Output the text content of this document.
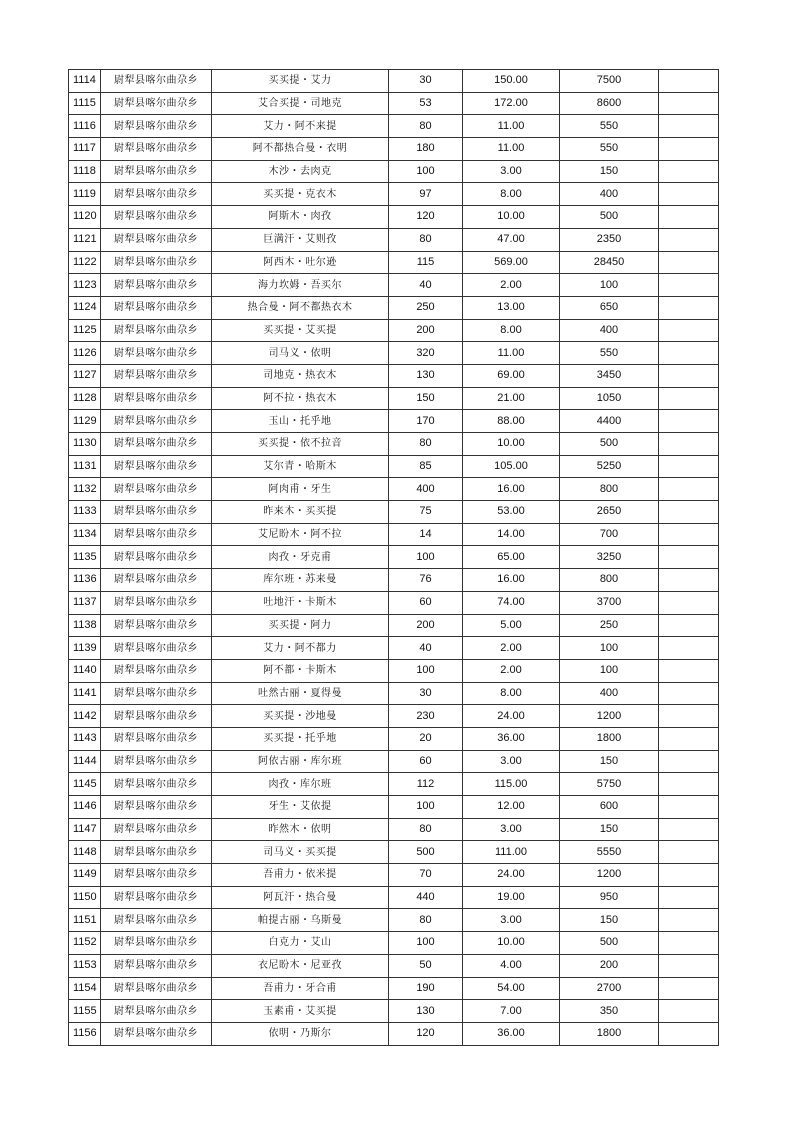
1114	尉犁县喀尔曲尕乡	买买提・艾力	30	150.00	7500	
1115	尉犁县喀尔曲尕乡	艾合买提・司地克	53	172.00	8600	
1116	尉犁县喀尔曲尕乡	艾力・阿不来提	80	11.00	550	
1117	尉犁县喀尔曲尕乡	阿不都热合曼・衣明	180	11.00	550	
1118	尉犁县喀尔曲尕乡	木沙・去肉克	100	3.00	150	
1119	尉犁县喀尔曲尕乡	买买提・克衣木	97	8.00	400	
1120	尉犁县喀尔曲尕乡	阿斯木・肉孜	120	10.00	500	
1121	尉犁县喀尔曲尕乡	巨满汗・艾则孜	80	47.00	2350	
1122	尉犁县喀尔曲尕乡	阿西木・吐尔逊	115	569.00	28450	
1123	尉犁县喀尔曲尕乡	海力坎姆・吾买尔	40	2.00	100	
1124	尉犁县喀尔曲尕乡	热合曼・阿不都热衣木	250	13.00	650	
1125	尉犁县喀尔曲尕乡	买买提・艾买提	200	8.00	400	
1126	尉犁县喀尔曲尕乡	司马义・依明	320	11.00	550	
1127	尉犁县喀尔曲尕乡	司地克・热衣木	130	69.00	3450	
1128	尉犁县喀尔曲尕乡	阿不拉・热衣木	150	21.00	1050	
1129	尉犁县喀尔曲尕乡	玉山・托乎地	170	88.00	4400	
1130	尉犁县喀尔曲尕乡	买买提・依不拉音	80	10.00	500	
1131	尉犁县喀尔曲尕乡	艾尔青・哈斯木	85	105.00	5250	
1132	尉犁县喀尔曲尕乡	阿肉甫・牙生	400	16.00	800	
1133	尉犁县喀尔曲尕乡	昨来木・买买提	75	53.00	2650	
1134	尉犁县喀尔曲尕乡	艾尼盼木・阿不拉	14	14.00	700	
1135	尉犁县喀尔曲尕乡	肉孜・牙克甫	100	65.00	3250	
1136	尉犁县喀尔曲尕乡	库尔班・苏来曼	76	16.00	800	
1137	尉犁县喀尔曲尕乡	吐地汗・卡斯木	60	74.00	3700	
1138	尉犁县喀尔曲尕乡	买买提・阿力	200	5.00	250	
1139	尉犁县喀尔曲尕乡	艾力・阿不都力	40	2.00	100	
1140	尉犁县喀尔曲尕乡	阿不都・卡斯木	100	2.00	100	
1141	尉犁县喀尔曲尕乡	吐然古丽・夏得曼	30	8.00	400	
1142	尉犁县喀尔曲尕乡	买买提・沙地曼	230	24.00	1200	
1143	尉犁县喀尔曲尕乡	买买提・托乎地	20	36.00	1800	
1144	尉犁县喀尔曲尕乡	阿依古丽・库尔班	60	3.00	150	
1145	尉犁县喀尔曲尕乡	肉孜・库尔班	112	115.00	5750	
1146	尉犁县喀尔曲尕乡	牙生・艾依提	100	12.00	600	
1147	尉犁县喀尔曲尕乡	昨然木・依明	80	3.00	150	
1148	尉犁县喀尔曲尕乡	司马义・买买提	500	111.00	5550	
1149	尉犁县喀尔曲尕乡	吾甫力・依米提	70	24.00	1200	
1150	尉犁县喀尔曲尕乡	阿瓦汗・热合曼	440	19.00	950	
1151	尉犁县喀尔曲尕乡	帕提古丽・乌斯曼	80	3.00	150	
1152	尉犁县喀尔曲尕乡	白克力・艾山	100	10.00	500	
1153	尉犁县喀尔曲尕乡	衣尼盼木・尼亚孜	50	4.00	200	
1154	尉犁县喀尔曲尕乡	吾甫力・牙合甫	190	54.00	2700	
1155	尉犁县喀尔曲尕乡	玉素甫・艾买提	130	7.00	350	
1156	尉犁县喀尔曲尕乡	依明・乃斯尔	120	36.00	1800	
